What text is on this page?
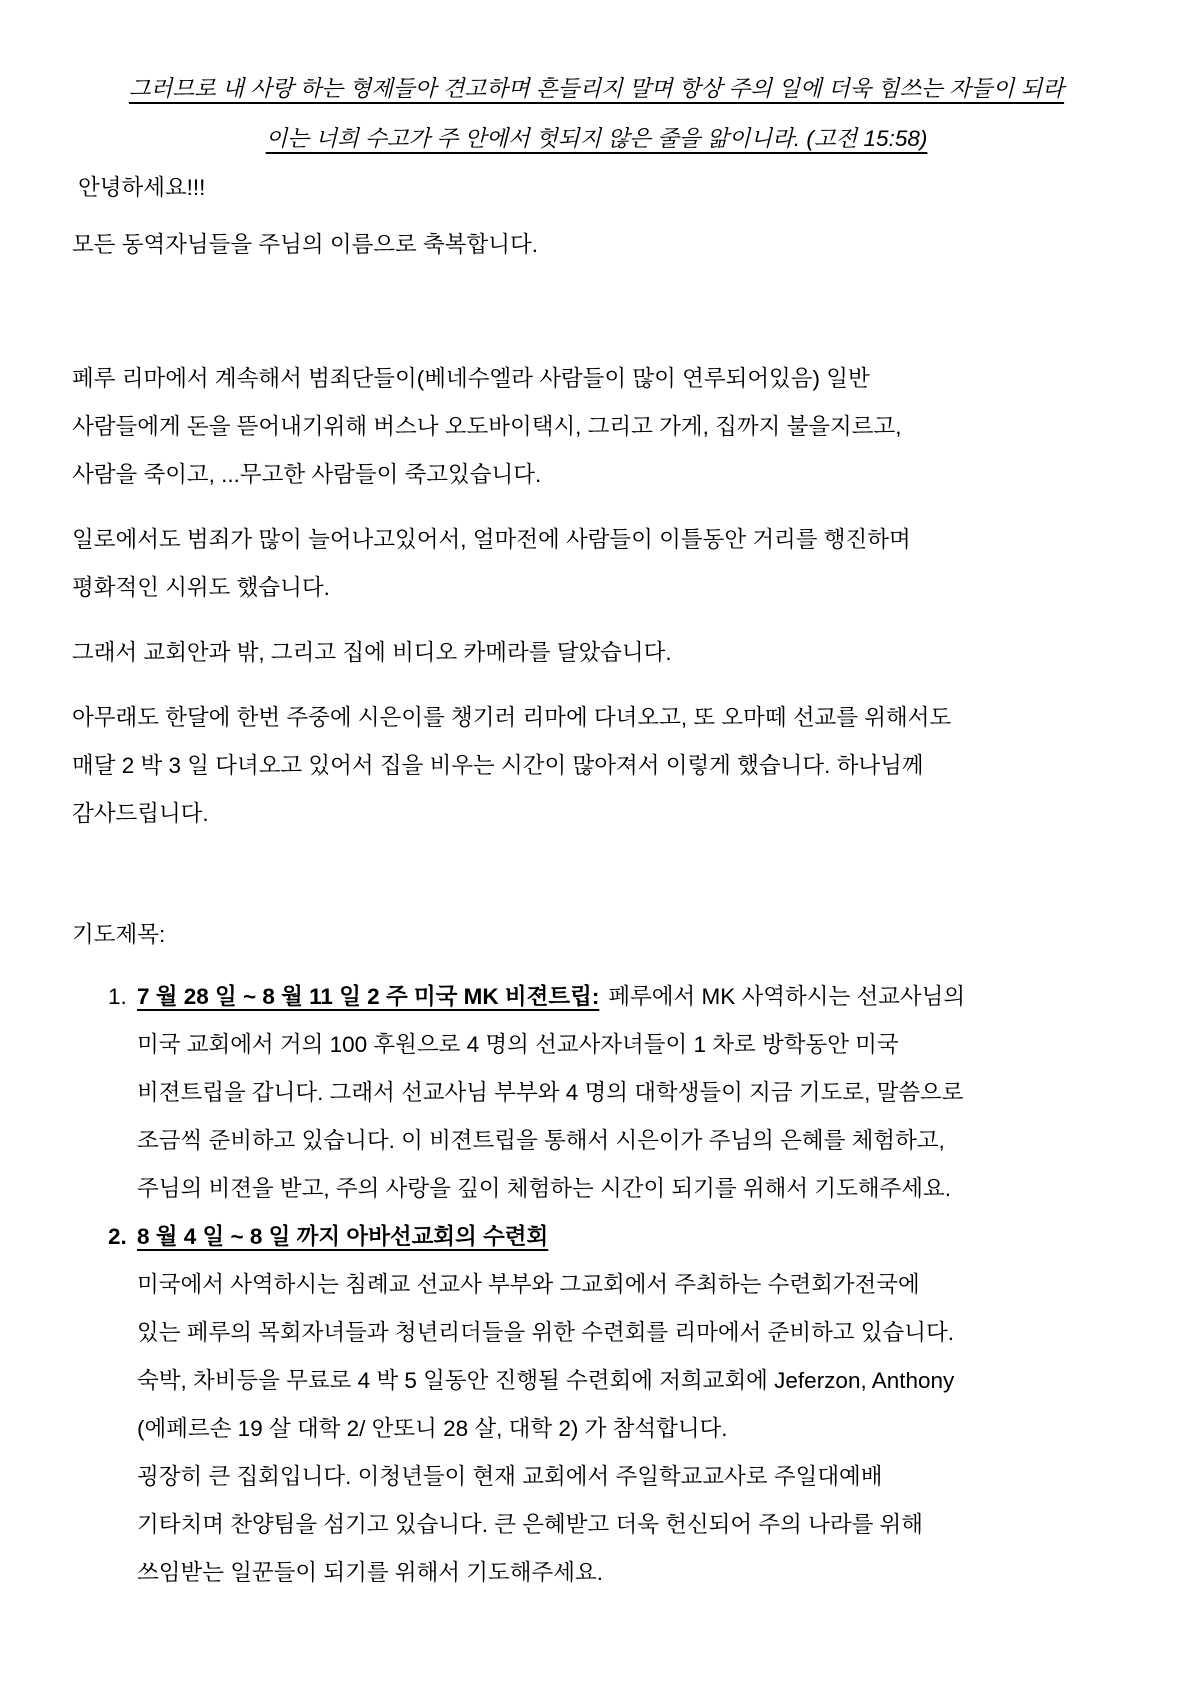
그러므로 내 사랑 하는 형제들아 견고하며 흔들리지 말며 항상 주의 일에 더욱 힘쓰는 자들이 되라
이는 너희 수고가 주 안에서 헛되지 않은 줄을 앎이니라. (고전 15:58)
안녕하세요!!!
모든 동역자님들을 주님의 이름으로 축복합니다.
페루 리마에서 계속해서 범죄단들이(베네수엘라 사람들이 많이 연루되어있음) 일반
사람들에게 돈을 뜯어내기위해 버스나 오도바이택시, 그리고 가게, 집까지 불을지르고,
사람을 죽이고, ...무고한 사람들이 죽고있습니다.
일로에서도 범죄가 많이 늘어나고있어서, 얼마전에 사람들이 이틀동안 거리를 행진하며
평화적인 시위도 했습니다.
그래서 교회안과 밖, 그리고 집에 비디오 카메라를 달았습니다.
아무래도 한달에 한번 주중에 시은이를 챙기러 리마에 다녀오고, 또 오마떼 선교를 위해서도
매달 2 박 3 일 다녀오고 있어서 집을 비우는 시간이 많아져서 이렇게 했습니다. 하나님께
감사드립니다.
기도제목:
1. 7 월 28 일 ~ 8 월 11 일 2 주 미국 MK 비젼트립: 페루에서 MK 사역하시는 선교사님의
미국 교회에서 거의 100 후원으로 4 명의 선교사자녀들이 1 차로 방학동안 미국
비젼트립을 갑니다. 그래서 선교사님 부부와 4 명의 대학생들이 지금 기도로, 말씀으로
조금씩 준비하고 있습니다. 이 비젼트립을 통해서 시은이가 주님의 은혜를 체험하고,
주님의 비젼을 받고, 주의 사랑을 깊이 체험하는 시간이 되기를 위해서 기도해주세요.
2. 8 월 4 일 ~ 8 일 까지 아바선교회의 수련회
미국에서 사역하시는 침례교 선교사 부부와 그교회에서 주최하는 수련회가전국에
있는 페루의 목회자녀들과 청년리더들을 위한 수련회를 리마에서 준비하고 있습니다.
숙박, 차비등을 무료로 4 박 5 일동안 진행될 수련회에 저희교회에 Jeferzon, Anthony
(에페르손 19 살 대학 2/ 안또니 28 살, 대학 2) 가 참석합니다.
굉장히 큰 집회입니다. 이청년들이 현재 교회에서 주일학교교사로 주일대예배
기타치며 찬양팀을 섬기고 있습니다. 큰 은혜받고 더욱 헌신되어 주의 나라를 위해
쓰임받는 일꾼들이 되기를 위해서 기도해주세요.
